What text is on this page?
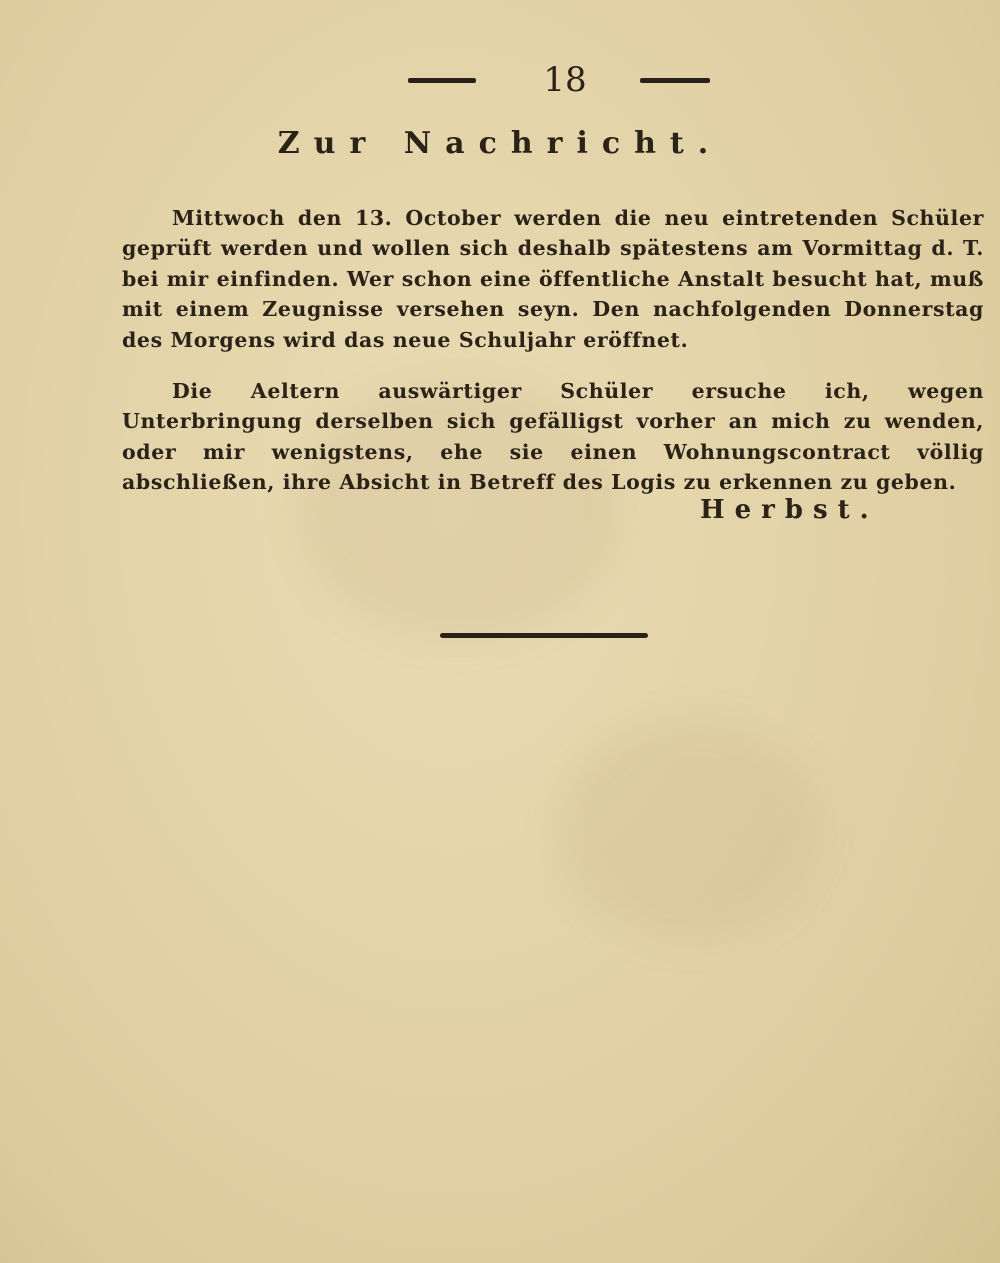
18
Zur Nachricht.

Mittwoch den 13. October werden die neu eintretenden Schüler geprüft werden und wollen sich deshalb spätestens am Vormittag d. T. bei mir einfinden. Wer schon eine öffentliche Anstalt besucht hat, muß mit einem Zeugnisse versehen seyn. Den nachfolgenden Donnerstag des Morgens wird das neue Schuljahr eröffnet.

Die Aeltern auswärtiger Schüler ersuche ich, wegen Unterbringung derselben sich gefälligst vorher an mich zu wenden, oder mir wenigstens, ehe sie einen Wohnungscontract völlig abschließen, ihre Absicht in Betreff des Logis zu erkennen zu geben.

Herbst.
